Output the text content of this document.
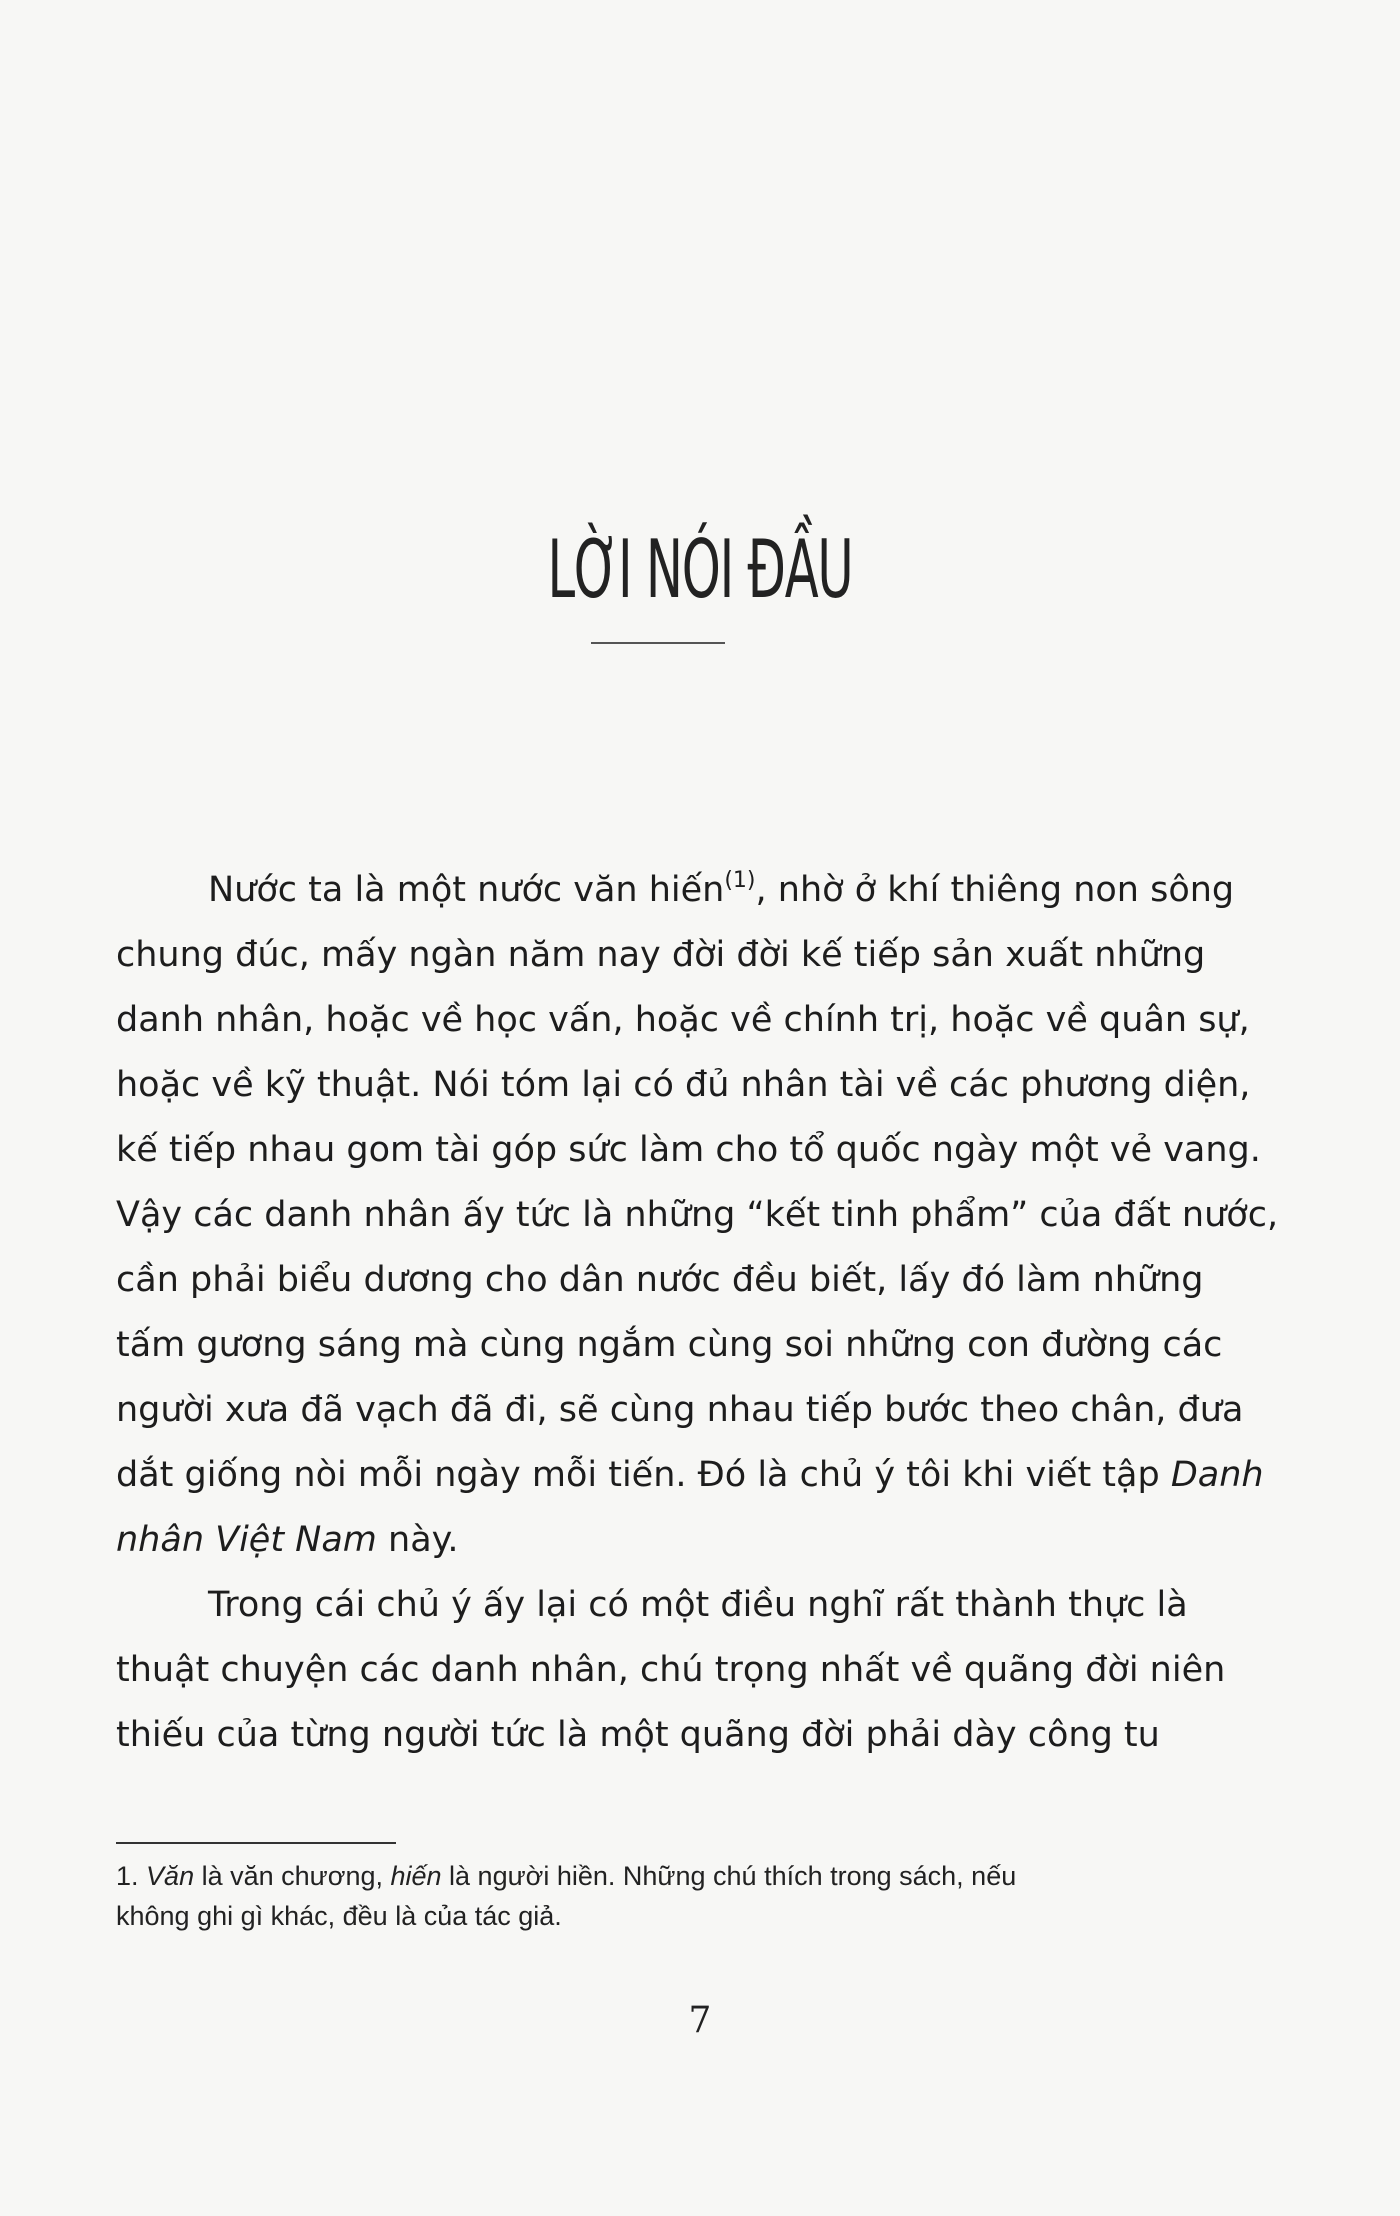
LỜI NÓI ĐẦU

Nước ta là một nước văn hiến$^{(1)}$, nhờ ở khí thiêng non sông
chung đúc, mấy ngàn năm nay đời đời kế tiếp sản xuất những
danh nhân, hoặc về học vấn, hoặc về chính trị, hoặc về quân sự,
hoặc về kỹ thuật. Nói tóm lại có đủ nhân tài về các phương diện,
kế tiếp nhau gom tài góp sức làm cho tổ quốc ngày một vẻ vang.
Vậy các danh nhân ấy tức là những “kết tinh phẩm” của đất nước,
cần phải biểu dương cho dân nước đều biết, lấy đó làm những
tấm gương sáng mà cùng ngắm cùng soi những con đường các
người xưa đã vạch đã đi, sẽ cùng nhau tiếp bước theo chân, đưa
dắt giống nòi mỗi ngày mỗi tiến. Đó là chủ ý tôi khi viết tập Danh
nhân Việt Nam này.

Trong cái chủ ý ấy lại có một điều nghĩ rất thành thực là
thuật chuyện các danh nhân, chú trọng nhất về quãng đời niên
thiếu của từng người tức là một quãng đời phải dày công tu

1. Văn là văn chương, hiến là người hiền. Những chú thích trong sách, nếu
không ghi gì khác, đều là của tác giả.
7
